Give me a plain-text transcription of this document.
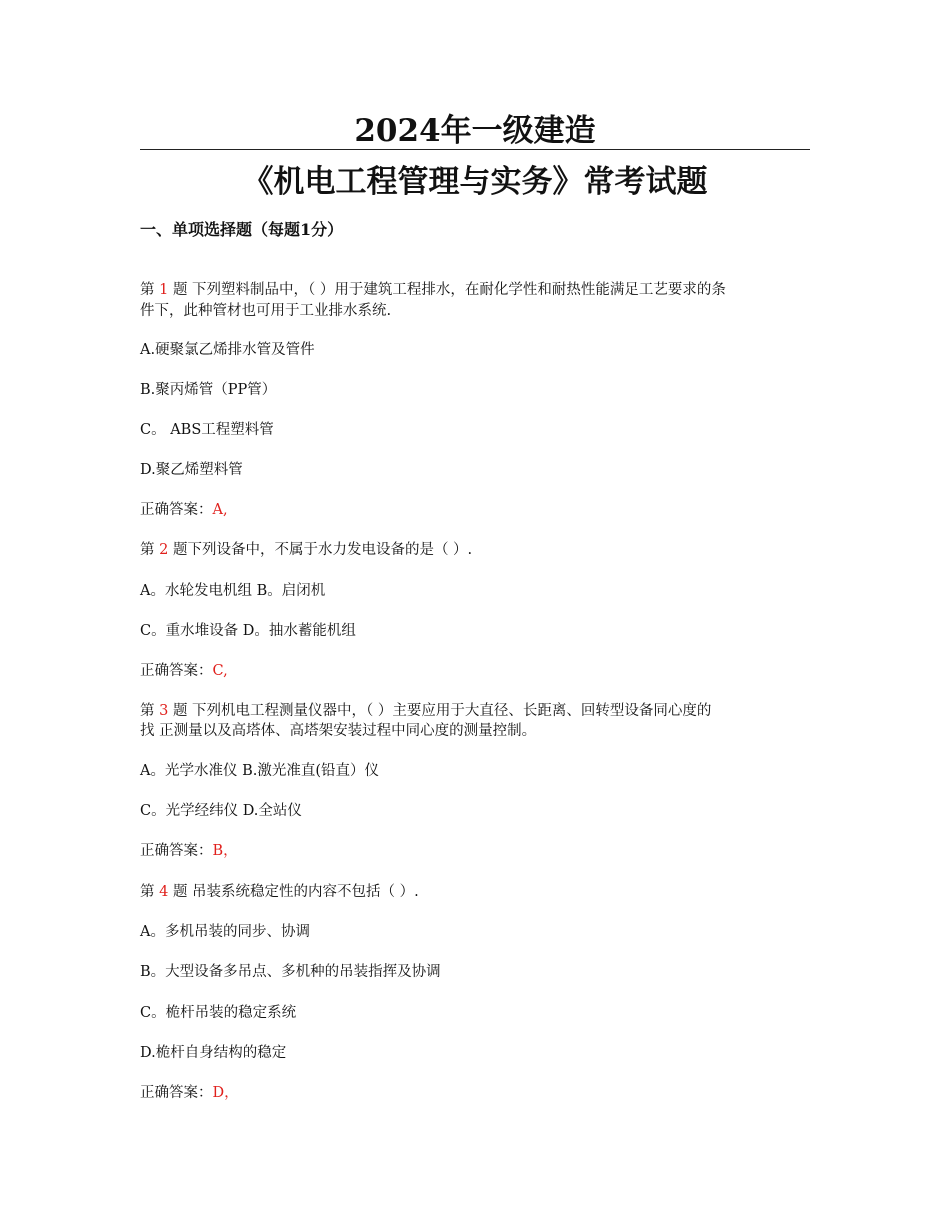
2024年一级建造
《机电工程管理与实务》常考试题
一、单项选择题（每题1分）
第 1 题 下列塑料制品中，（ ）用于建筑工程排水，在耐化学性和耐热性能满足工艺要求的条
件下，此种管材也可用于工业排水系统.
A.硬聚氯乙烯排水管及管件
B.聚丙烯管（PP管）
C。 ABS工程塑料管
D.聚乙烯塑料管
正确答案：A,
第 2 题下列设备中，不属于水力发电设备的是（ ）.
A。水轮发电机组 B。启闭机
C。重水堆设备 D。抽水蓄能机组
正确答案：C,
第 3 题 下列机电工程测量仪器中，（ ）主要应用于大直径、长距离、回转型设备同心度的
找 正测量以及高塔体、高塔架安装过程中同心度的测量控制。
A。光学水准仪 B.激光准直(铅直）仪
C。光学经纬仪 D.全站仪
正确答案：B，
第 4 题 吊装系统稳定性的内容不包括（ ）.
A。多机吊装的同步、协调
B。大型设备多吊点、多机种的吊装指挥及协调
C。桅杆吊装的稳定系统
D.桅杆自身结构的稳定
正确答案：D，
